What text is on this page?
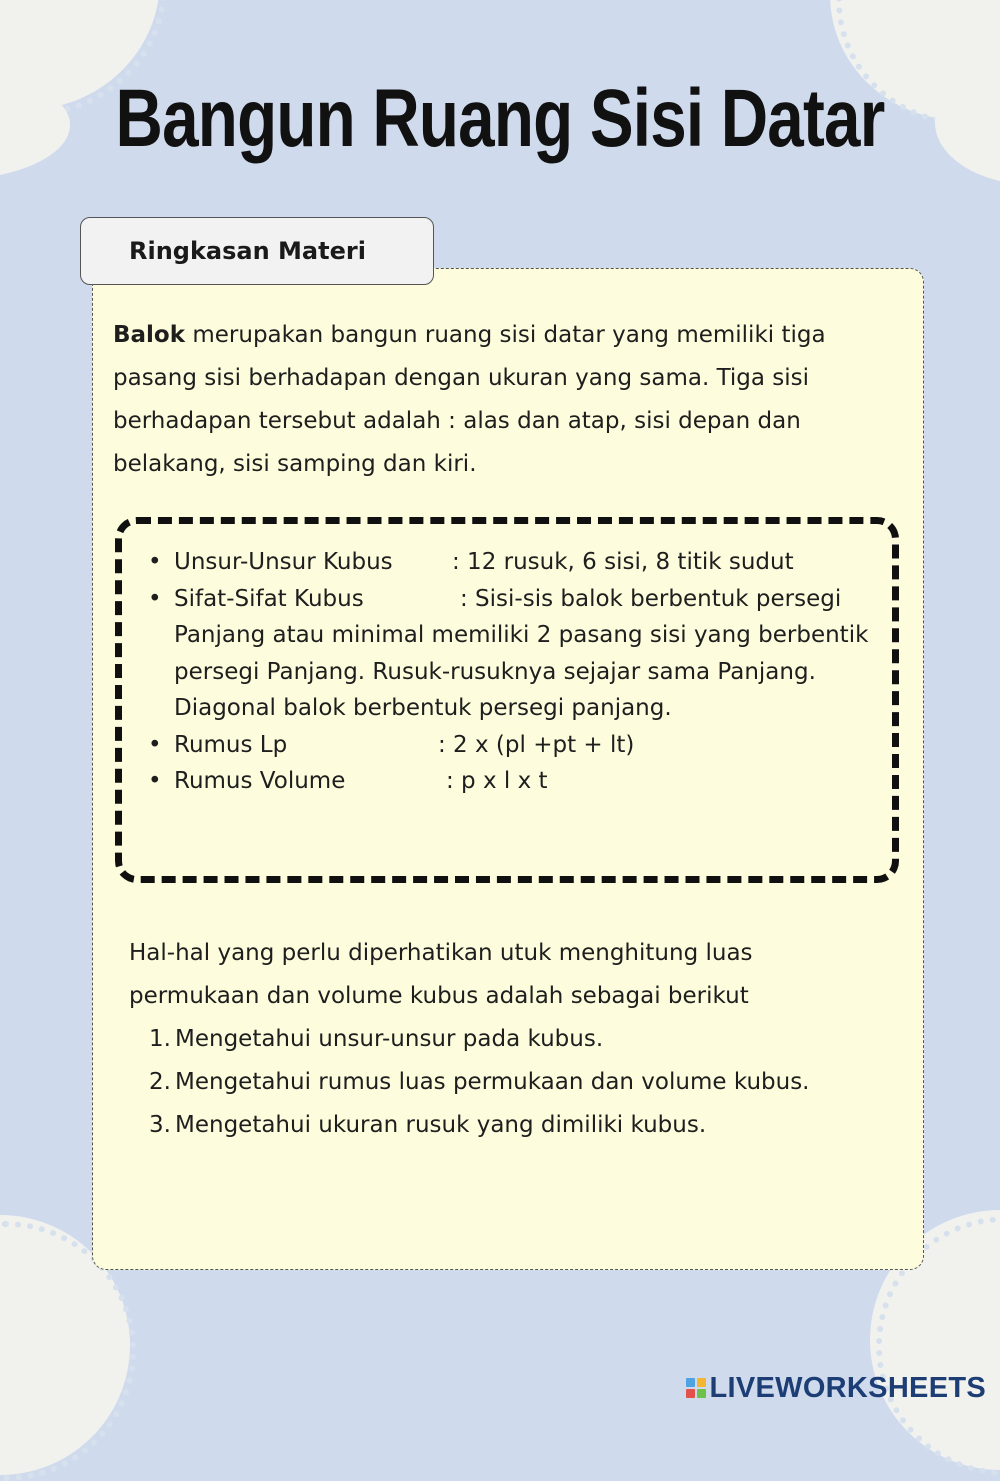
Bangun Ruang Sisi Datar
Ringkasan Materi

Balok merupakan bangun ruang sisi datar yang memiliki tiga pasang sisi berhadapan dengan ukuran yang sama. Tiga sisi berhadapan tersebut adalah : alas dan atap, sisi depan dan belakang, sisi samping dan kiri.

• Unsur-Unsur Kubus	: 12 rusuk, 6 sisi, 8 titik sudut
• Sifat-Sifat Kubus	: Sisi-sis balok berbentuk persegi Panjang atau minimal memiliki 2 pasang sisi yang berbentik persegi Panjang. Rusuk-rusuknya sejajar sama Panjang. Diagonal balok berbentuk persegi panjang.
• Rumus Lp	: 2 x (pl +pt + lt)
• Rumus Volume	: p x l x t

Hal-hal yang perlu diperhatikan utuk menghitung luas permukaan dan volume kubus adalah sebagai berikut

1. Mengetahui unsur-unsur pada kubus.
2. Mengetahui rumus luas permukaan dan volume kubus.
3. Mengetahui ukuran rusuk yang dimiliki kubus.
LIVEWORKSHEETS
